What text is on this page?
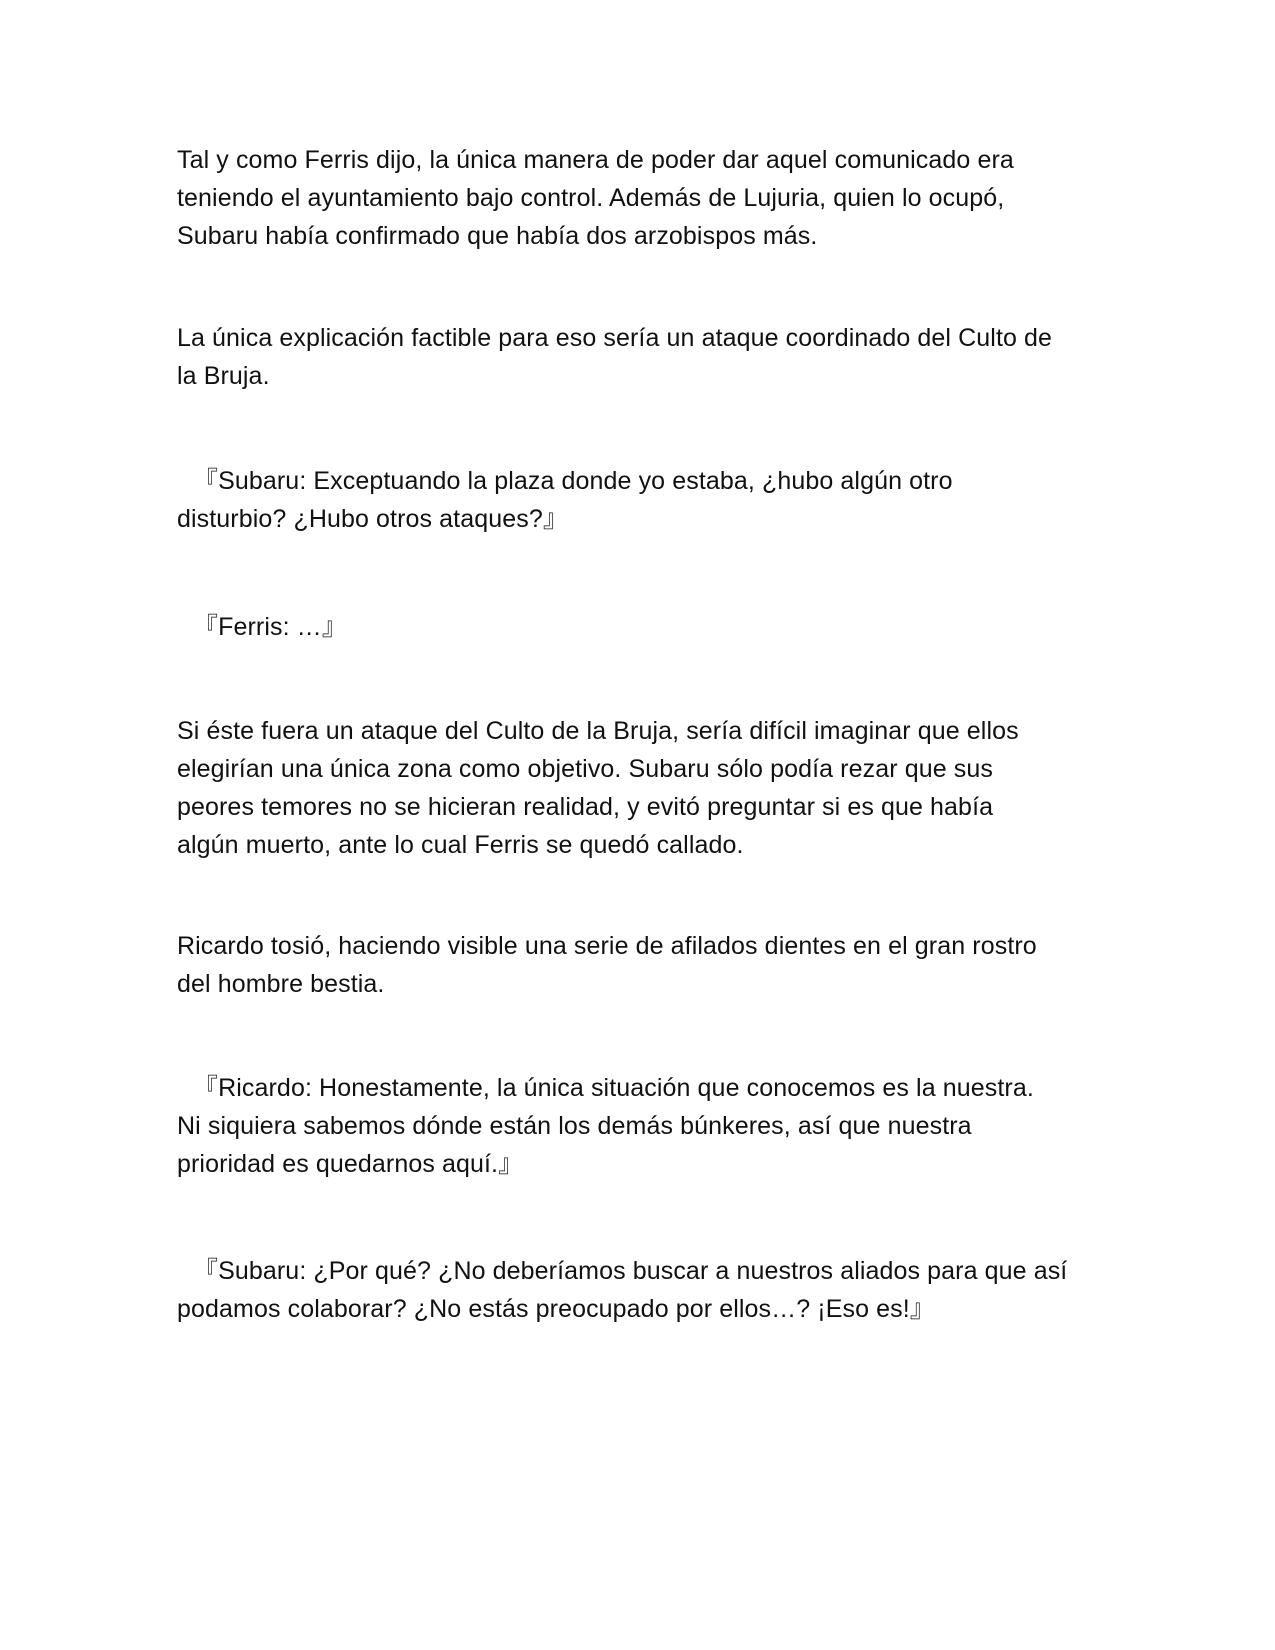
Tal y como Ferris dijo, la única manera de poder dar aquel comunicado era
teniendo el ayuntamiento bajo control. Además de Lujuria, quien lo ocupó,
Subaru había confirmado que había dos arzobispos más.

La única explicación factible para eso sería un ataque coordinado del Culto de
la Bruja.

『Subaru: Exceptuando la plaza donde yo estaba, ¿hubo algún otro
disturbio? ¿Hubo otros ataques?』

『Ferris: …』

Si éste fuera un ataque del Culto de la Bruja, sería difícil imaginar que ellos
elegirían una única zona como objetivo. Subaru sólo podía rezar que sus
peores temores no se hicieran realidad, y evitó preguntar si es que había
algún muerto, ante lo cual Ferris se quedó callado.

Ricardo tosió, haciendo visible una serie de afilados dientes en el gran rostro
del hombre bestia.

『Ricardo: Honestamente, la única situación que conocemos es la nuestra.
Ni siquiera sabemos dónde están los demás búnkeres, así que nuestra
prioridad es quedarnos aquí.』

『Subaru: ¿Por qué? ¿No deberíamos buscar a nuestros aliados para que así
podamos colaborar? ¿No estás preocupado por ellos…? ¡Eso es!』
